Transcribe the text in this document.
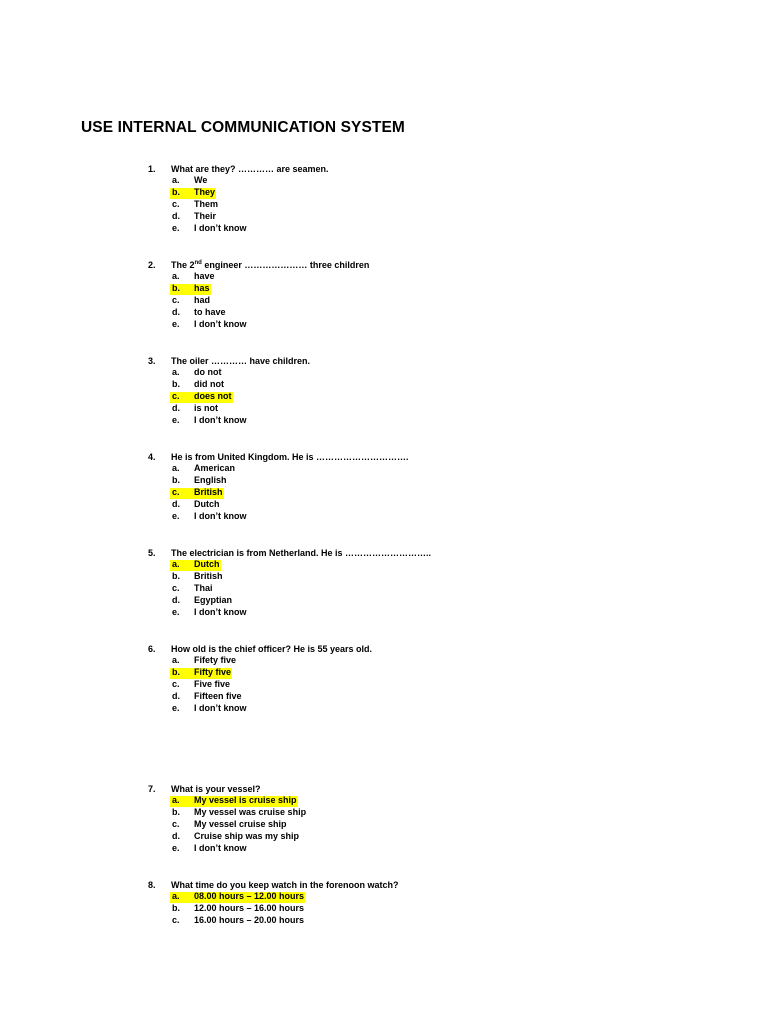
USE INTERNAL COMMUNICATION SYSTEM
1. What are they? ………… are seamen.
a. We
b. They
c. Them
d. Their
e. I don’t know
2. The 2nd engineer ………………… three children
a. have
b. has
c. had
d. to have
e. I don’t know
3. The oiler ………… have children.
a. do not
b. did not
c. does not
d. is not
e. I don’t know
4. He is from United Kingdom. He is ………………………….
a. American
b. English
c. British
d. Dutch
e. I don’t know
5. The electrician is from Netherland. He is ………………………..
a. Dutch
b. British
c. Thai
d. Egyptian
e. I don’t know
6. How old is the chief officer? He is 55 years old.
a. Fifety five
b. Fifty five
c. Five five
d. Fifteen five
e. I don’t know
7. What is your vessel?
a. My vessel is cruise ship
b. My vessel was cruise ship
c. My vessel cruise ship
d. Cruise ship was my ship
e. I don’t know
8. What time do you keep watch in the forenoon watch?
a. 08.00 hours – 12.00 hours
b. 12.00 hours – 16.00 hours
c. 16.00 hours – 20.00 hours
